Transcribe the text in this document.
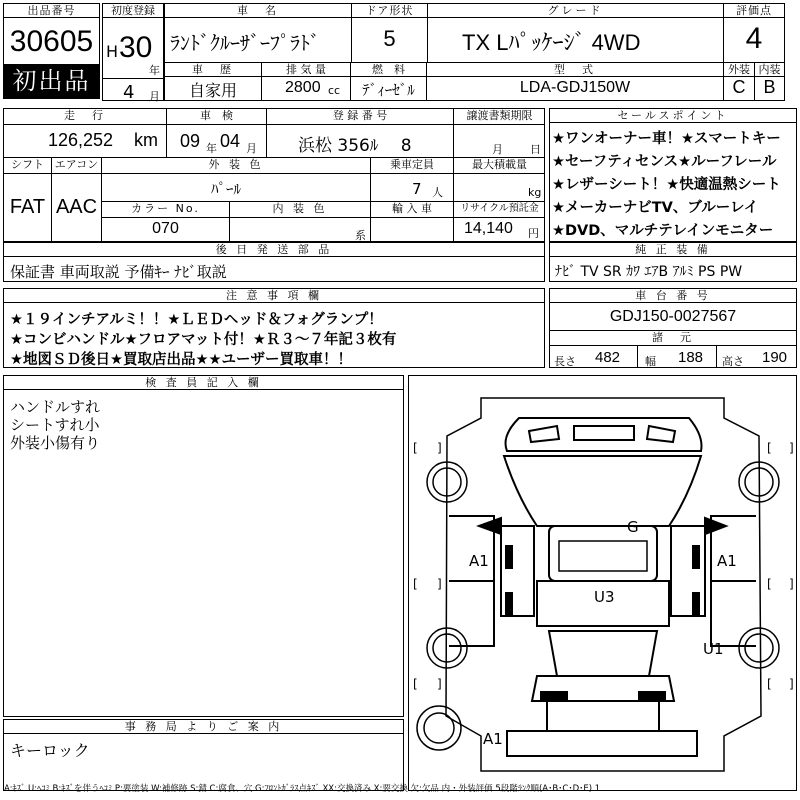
出品番号
30605
初出品
初度登録
H 30
年
4 月
車　名
ﾗﾝﾄﾞｸﾙｰｻﾞｰﾌﾟﾗﾄﾞ
ドア形状
5
グレード
TX Lﾊﾟｯｹｰｼﾞ 4WD
評価点
4
車　歴
自家用
排 気 量
2800 cc
燃　料
ﾃﾞｨｰｾﾞﾙ
型　式
LDA-GDJ150W
外装 内装
C B
走　行
126,252 km
車　検
09 年 04 月
登 録 番 号
浜松 356ﾙ　 8
譲渡書類期限
月 日
シフト エアコン
FAT AAC
外 装 色
ﾊﾟｰﾙ
乗車定員
7 人
最大積載量
kg
カラー No.
070
内 装 色
系
輸 入 車	リサイクル預託金
14,140 円
後 日 発 送 部 品
保証書 車両取説 予備ｷｰ ﾅﾋﾞ取説
セールスポイント
★ワンオーナー車！★スマートキー
★セーフティセンス★ルーフレール
★レザーシート！★快適温熱シート
★メーカーナビTV、ブルーレイ
★DVD、マルチテレインモニター
純 正 装 備
ﾅﾋﾞ TV SR ｶﾜ ｴｱB ｱﾙﾐ PS PW
注 意 事 項 欄
★１９インチアルミ！！★ＬＥＤヘッド＆フォグランプ！
★コンビハンドル★フロアマット付！★Ｒ３～７年記３枚有
★地図ＳＤ後日★買取店出品★★ユーザー買取車！！
車 台 番 号
GDJ150-0027567
諸　元
長さ 482 幅 188 高さ 190
検 査 員 記 入 欄
ハンドルすれ
シートすれ小
外装小傷有り
事 務 局 よ り ご 案 内
キーロック
[ ]	[ ]
[ ]	[ ]
[ ]	[ ]
G
A1	A1
U3
U1
A1
A:ｷｽﾞ U:ﾍｺﾐ B:ｷｽﾞを伴うﾍｺﾐ P:要塗装 W:補修跡 S:錆 C:腐食、穴 G:ﾌﾛﾝﾄｶﾞﾗｽ点ｷｽﾞ XX:交換済み X:要交換 欠:欠品 内・外装評価 5段階ﾗﾝｸ順(A･B･C･D･E) 1
